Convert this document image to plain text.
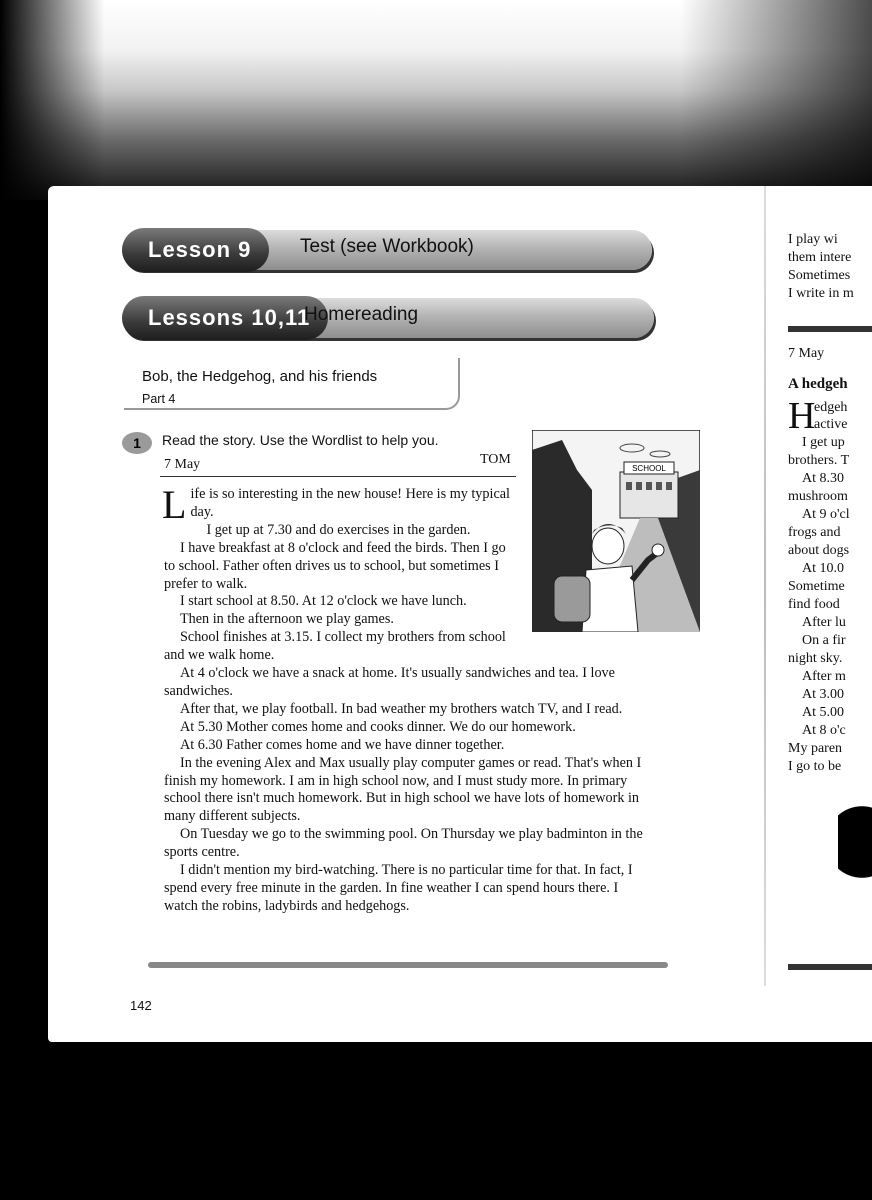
Lesson 9	Test (see Workbook)
Lessons 10,11
Homereading
Bob, the Hedgehog, and his friends
Part 4
1	Read the story. Use the Wordlist to help you.
7 May	TOM
SCHOOL

Life is so interesting in the new house! Here is my typical day.

I get up at 7.30 and do exercises in the garden.

I have breakfast at 8 o'clock and feed the birds. Then I go to school. Father often drives us to school, but sometimes I prefer to walk.

I start school at 8.50. At 12 o'clock we have lunch.

Then in the afternoon we play games.

School finishes at 3.15. I collect my brothers from school and we walk home.

At 4 o'clock we have a snack at home. It's usually sandwiches and tea. I love sandwiches.

After that, we play football. In bad weather my brothers watch TV, and I read.

At 5.30 Mother comes home and cooks dinner. We do our homework.

At 6.30 Father comes home and we have dinner together.

In the evening Alex and Max usually play computer games or read. That's when I finish my homework. I am in high school now, and I must study more. In primary school there isn't much homework. But in high school we have lots of homework in many different subjects.

On Tuesday we go to the swimming pool. On Thursday we play badminton in the sports centre.

I didn't mention my bird-watching. There is no particular time for that. In fact, I spend every free minute in the garden. In fine weather I can spend hours there. I watch the robins, ladybirds and hedgehogs.

142
I play wi
them intere
Sometimes
I write in m
7 May
A hedgeh
H
edgeh
active
I get up
brothers. T
At 8.30
mushroom
At 9 o'cl
frogs and
about dogs
At 10.0
Sometime
find food
After lu
On a fir
night sky.
After m
At 3.00
At 5.00
At 8 o'c
My paren
I go to be
